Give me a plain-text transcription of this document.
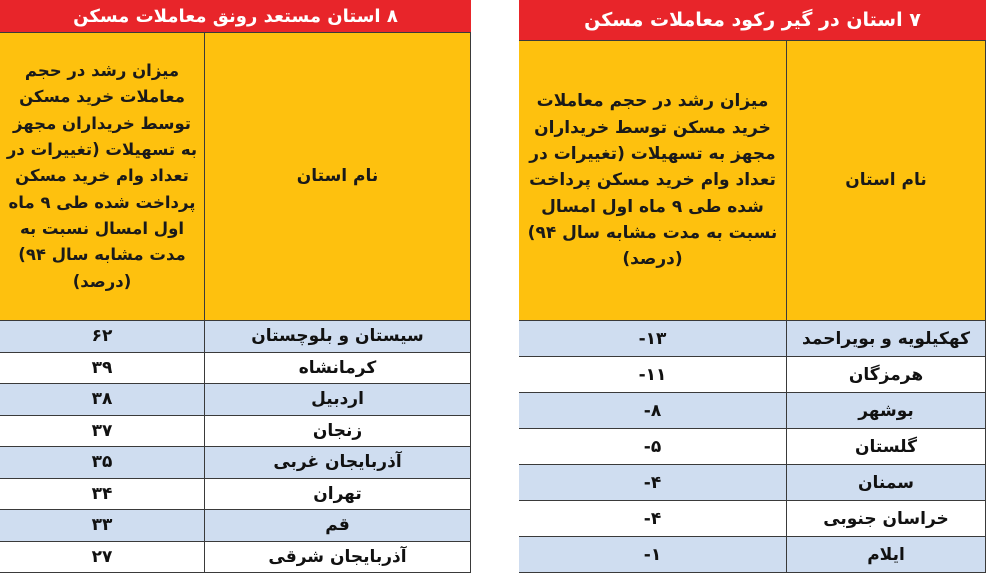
۷ استان در گیر رکود معاملات مسکن
نام استان	میزان رشد در حجم معاملات خرید مسکن توسط خریداران مجهز به تسهیلات (تغییرات در تعداد وام خرید مسکن پرداخت شده طی ۹ ماه اول امسال نسبت به مدت مشابه سال ۹۴) (درصد)
کهکیلویه و بویراحمد	-۱۳
هرمزگان	-۱۱
بوشهر	-۸
گلستان	-۵
سمنان	-۴
خراسان جنوبی	-۴
ایلام	-۱
۸ استان مستعد رونق معاملات مسکن
نام استان	میزان رشد در حجم معاملات خرید مسکن توسط خریداران مجهز به تسهیلات (تغییرات در تعداد وام خرید مسکن پرداخت شده طی ۹ ماه اول امسال نسبت به مدت مشابه سال ۹۴) (درصد)
سیستان و بلوچستان	۶۲
کرمانشاه	۳۹
اردبیل	۳۸
زنجان	۳۷
آذربایجان غربی	۳۵
تهران	۳۴
قم	۳۳
آذربایجان شرقی	۲۷
